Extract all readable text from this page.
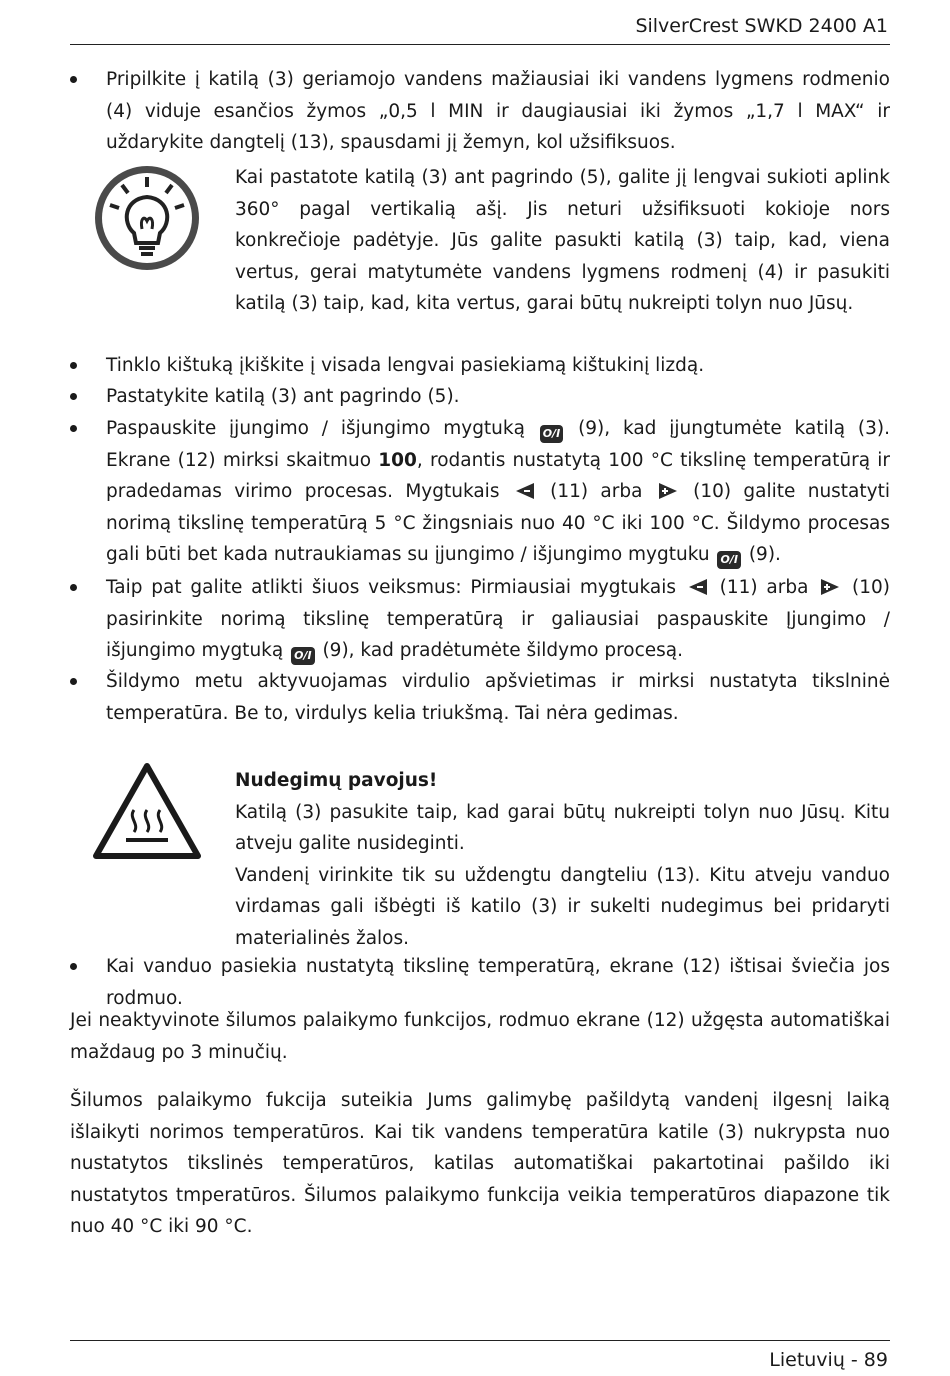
SilverCrest SWKD 2400 A1
Pripilkite į katilą (3) geriamojo vandens mažiausiai iki vandens lygmens rodmenio (4) viduje esančios žymos „0,5 l MIN ir daugiausiai iki žymos „1,7 l MAX“ ir uždarykite dangtelį (13), spausdami jį žemyn, kol užsifiksuos.
Kai pastatote katilą (3) ant pagrindo (5), galite jį lengvai sukioti aplink 360° pagal vertikalią ašį. Jis neturi užsifiksuoti kokioje nors konkrečioje padėtyje. Jūs galite pasukti katilą (3) taip, kad, viena vertus, gerai matytumėte vandens lygmens rodmenį (4) ir pasukiti katilą (3) taip, kad, kita vertus, garai būtų nukreipti tolyn nuo Jūsų.
Tinklo kištuką įkiškite į visada lengvai pasiekiamą kištukinį lizdą.
Pastatykite katilą (3) ant pagrindo (5).
Paspauskite įjungimo / išjungimo mygtuką O/I (9), kad įjungtumėte katilą (3). Ekrane (12) mirksi skaitmuo 100, rodantis nustatytą 100 °C tikslinę temperatūrą ir pradedamas virimo procesas. Mygtukais	(11) arba	(10) galite nustatyti norimą tikslinę temperatūrą 5 °C žingsniais nuo 40 °C iki 100 °C. Šildymo procesas gali būti bet kada nutraukiamas su įjungimo / išjungimo mygtuku O/I (9).
Taip pat galite atlikti šiuos veiksmus: Pirmiausiai mygtukais (11) arba (10) pasirinkite norimą tikslinę temperatūrą ir galiausiai paspauskite Įjungimo / išjungimo mygtuką O/I (9), kad pradėtumėte šildymo procesą.
Šildymo metu aktyvuojamas virdulio apšvietimas ir mirksi nustatyta tikslninė temperatūra. Be to, virdulys kelia triukšmą. Tai nėra gedimas.
Nudegimų pavojus!
Katilą (3) pasukite taip, kad garai būtų nukreipti tolyn nuo Jūsų. Kitu atveju galite nusideginti.
Vandenį virinkite tik su uždengtu dangteliu (13). Kitu atveju vanduo virdamas gali išbėgti iš katilo (3) ir sukelti nudegimus bei pridaryti materialinės žalos.
Kai vanduo pasiekia nustatytą tikslinę temperatūrą, ekrane (12) ištisai šviečia jos rodmuo.
Jei neaktyvinote šilumos palaikymo funkcijos, rodmuo ekrane (12) užgęsta automatiškai maždaug po 3 minučių.
Šilumos palaikymo fukcija suteikia Jums galimybę pašildytą vandenį ilgesnį laiką išlaikyti norimos temperatūros. Kai tik vandens temperatūra katile (3) nukrypsta nuo nustatytos tikslinės temperatūros, katilas automatiškai pakartotinai pašildo iki nustatytos tmperatūros. Šilumos palaikymo funkcija veikia temperatūros diapazone tik nuo 40 °C iki 90 °C.
Lietuvių - 89
